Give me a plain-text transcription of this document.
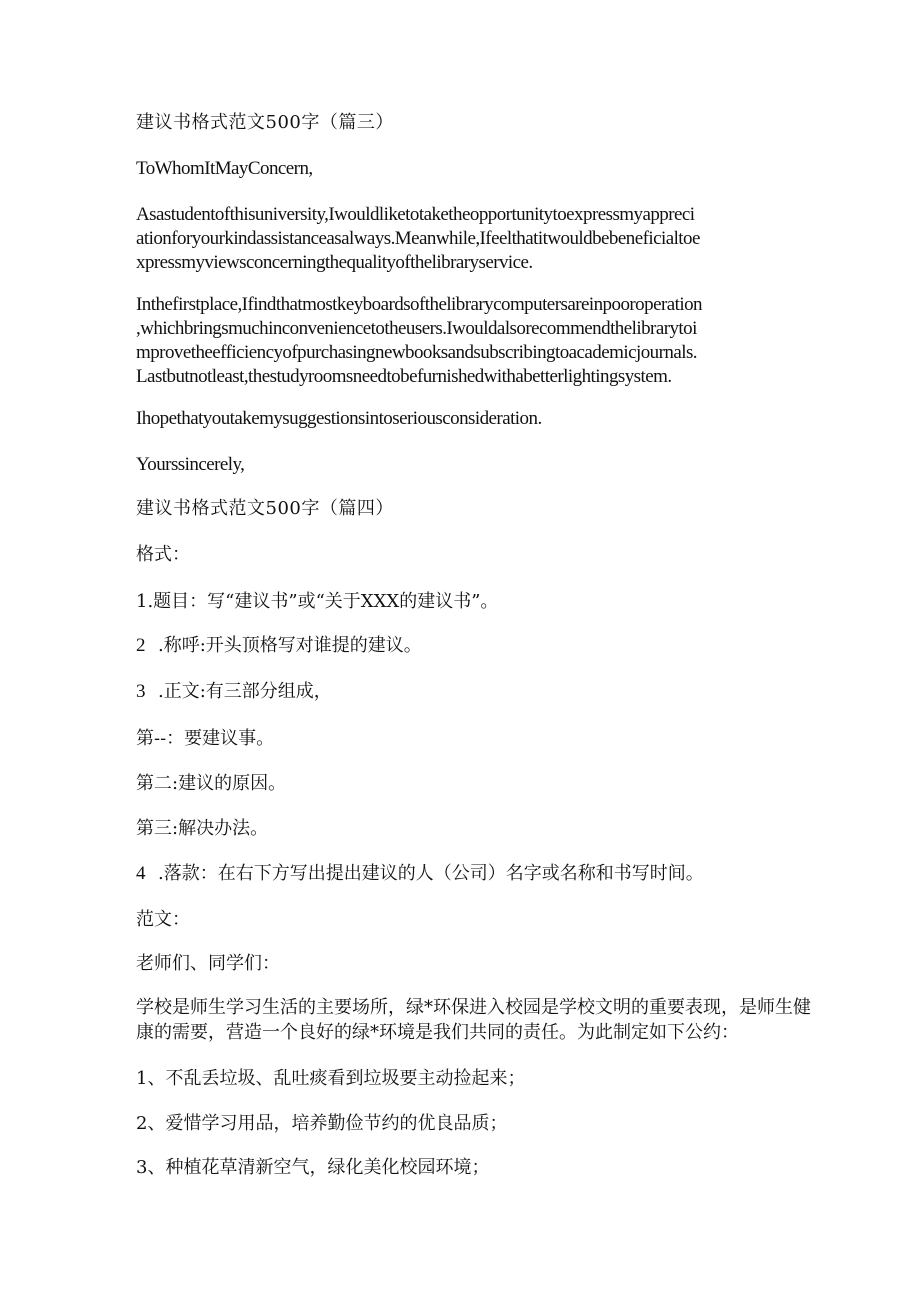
建议书格式范文500字（篇三）

ToWhomItMayConcern,

Asastudentofthisuniversity,Iwouldliketotaketheopportunitytoexpressmyappreci

ationforyourkindassistanceasalways.Meanwhile,Ifeelthatitwouldbebeneficialtoe

xpressmyviewsconcerningthequalityofthelibraryservice.

Inthefirstplace,Ifindthatmostkeyboardsofthelibrarycomputersareinpooroperation

,whichbringsmuchinconveniencetotheusers.Iwouldalsorecommendthelibrarytoi

mprovetheefficiencyofpurchasingnewbooksandsubscribingtoacademicjournals.

Lastbutnotleast,thestudyroomsneedtobefurnishedwithabetterlightingsystem.

Ihopethatyoutakemysuggestionsintoseriousconsideration.

Yourssincerely,

建议书格式范文500字（篇四）

格式：

1.题目：写“建议书”或“关于XXX的建议书”。

2 .称呼:开头顶格写对谁提的建议。

3 .正文:有三部分组成，

第--：要建议事。

第二:建议的原因。

第三:解决办法。

4 .落款：在右下方写出提出建议的人（公司）名字或名称和书写时间。

范文：

老师们、同学们：

学校是师生学习生活的主要场所，绿*环保进入校园是学校文明的重要表现，是师生健

康的需要，营造一个良好的绿*环境是我们共同的责任。为此制定如下公约：

1、不乱丢垃圾、乱吐痰看到垃圾要主动捡起来；

2、爱惜学习用品，培养勤俭节约的优良品质；

3、种植花草清新空气，绿化美化校园环境；
